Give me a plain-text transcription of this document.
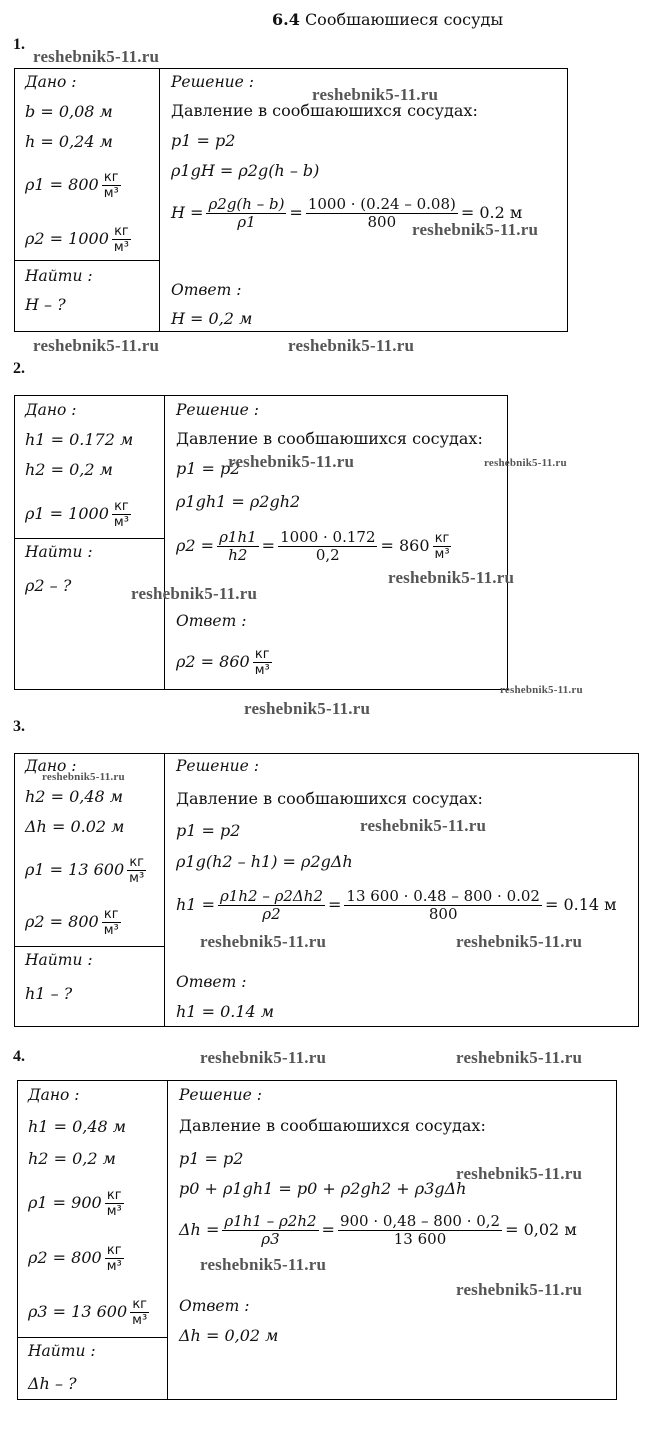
6.4 Сообшаюшиеся сосуды
1.
Дано :
b = 0,08 м
h = 0,24 м
$\rho 1 = 800 \frac{кг}{\text{м³}}$
$\rho 2 = 1000 \frac{кг}{\text{м³}}$
Найти :
H – ?
Решение :
Давление в сообшаюшихся сосудах:
p1 = p2
ρ1gH = ρ2g(h – b)
$H = \frac{\rho 2g(h - b)}{\rho 1} = \frac{1000 \cdot (0.24 - 0.08)}{800} = 0.2$ м
Ответ :
H = 0,2 м
2.
Дано :
h1 = 0.172 м
h2 = 0,2 м
$\rho 1 = 1000 \frac{кг}{\text{м³}}$
Найти :
ρ2 – ?
Решение :
Давление в сообшаюшихся сосудах:
p1 = p2
ρ1gh1 = ρ2gh2
$\rho 2 = \frac{\rho 1h1}{h2} = \frac{1000 \cdot 0.172}{0,2} = 860 \frac{кг}{\text{м³}}$
Ответ :
$\rho 2 = 860 \frac{кг}{\text{м³}}$
3.
Дано :
h2 = 0,48 м
Δh = 0.02 м
ρ1 = 13 $600 \frac{кг}{\text{м³}}$
$\rho 2 = 800 \frac{кг}{\text{м³}}$
Найти :
h1 – ?
Решение :
Давление в сообшаюшихся сосудах:
p1 = p2
ρ1g(h2 – h1) = ρ2gΔh
$h1 = \frac{\rho 1h2 - \rho 2\Delta h2}{\rho 2} = \frac{13 600 \cdot 0.48 - 800 \cdot 0.02}{800} = 0.14$ м
Ответ :
h1 = 0.14 м
4.
Дано :
h1 = 0,48 м
h2 = 0,2 м
$\rho 1 = 900 \frac{кг}{\text{м³}}$
$\rho 2 = 800 \frac{кг}{\text{м³}}$
ρ3 = 13 $600 \frac{кг}{\text{м³}}$
Найти :
Δh – ?
Решение :
Давление в сообшаюшихся сосудах:
p1 = p2
p0 + ρ1gh1 = p0 + ρ2gh2 + ρ3gΔh
$\Delta h = \frac{\rho 1h1 - \rho 2h2}{\rho 3} = \frac{900 \cdot 0,48 - 800 \cdot 0,2}{13 600} = 0,02$ м
Ответ :
Δh = 0,02 м
reshebnik5-11.ru
reshebnik5-11.ru
reshebnik5-11.ru
reshebnik5-11.ru	reshebnik5-11.ru
reshebnik5-11.ru	reshebnik5-11.ru
reshebnik5-11.ru
reshebnik5-11.ru
reshebnik5-11.ru
reshebnik5-11.ru
reshebnik5-11.ru
reshebnik5-11.ru
reshebnik5-11.ru	reshebnik5-11.ru
reshebnik5-11.ru	reshebnik5-11.ru
reshebnik5-11.ru
reshebnik5-11.ru
reshebnik5-11.ru
